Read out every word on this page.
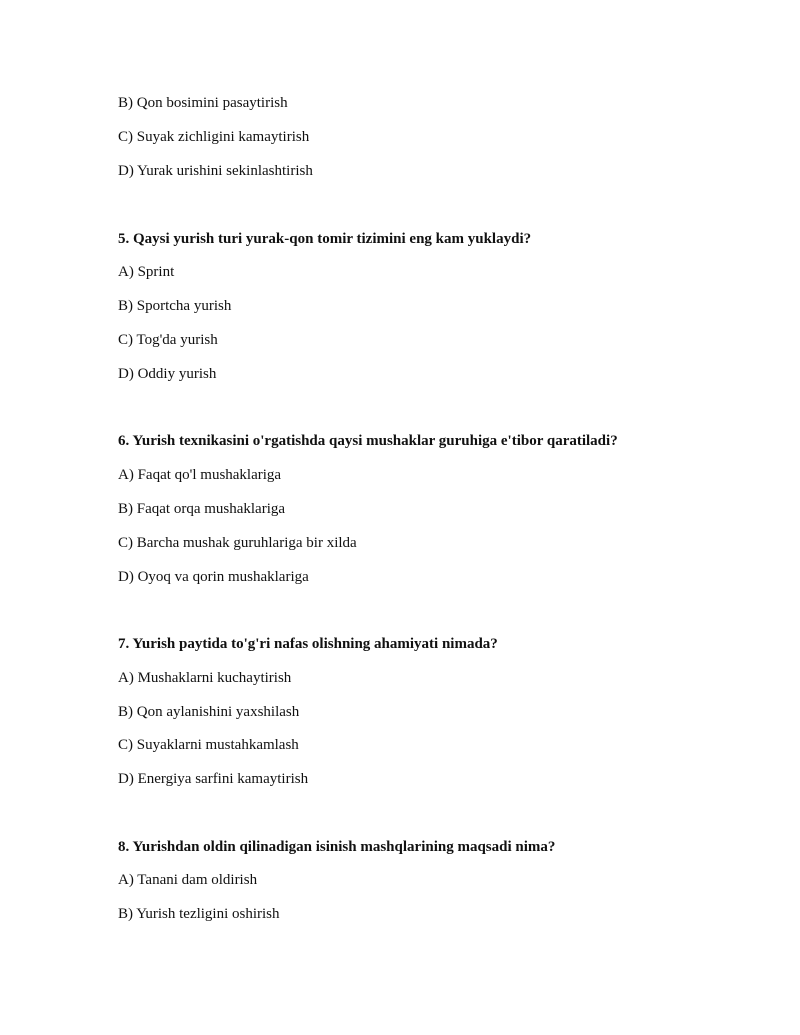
B) Qon bosimini pasaytirish
C) Suyak zichligini kamaytirish
D) Yurak urishini sekinlashtirish
5. Qaysi yurish turi yurak-qon tomir tizimini eng kam yuklaydi?
A) Sprint
B) Sportcha yurish
C) Tog'da yurish
D) Oddiy yurish
6. Yurish texnikasini o'rgatishda qaysi mushaklar guruhiga e'tibor qaratiladi?
A) Faqat qo'l mushaklariga
B) Faqat orqa mushaklariga
C) Barcha mushak guruhlariga bir xilda
D) Oyoq va qorin mushaklariga
7. Yurish paytida to'g'ri nafas olishning ahamiyati nimada?
A) Mushaklarni kuchaytirish
B) Qon aylanishini yaxshilash
C) Suyaklarni mustahkamlash
D) Energiya sarfini kamaytirish
8. Yurishdan oldin qilinadigan isinish mashqlarining maqsadi nima?
A) Tanani dam oldirish
B) Yurish tezligini oshirish
